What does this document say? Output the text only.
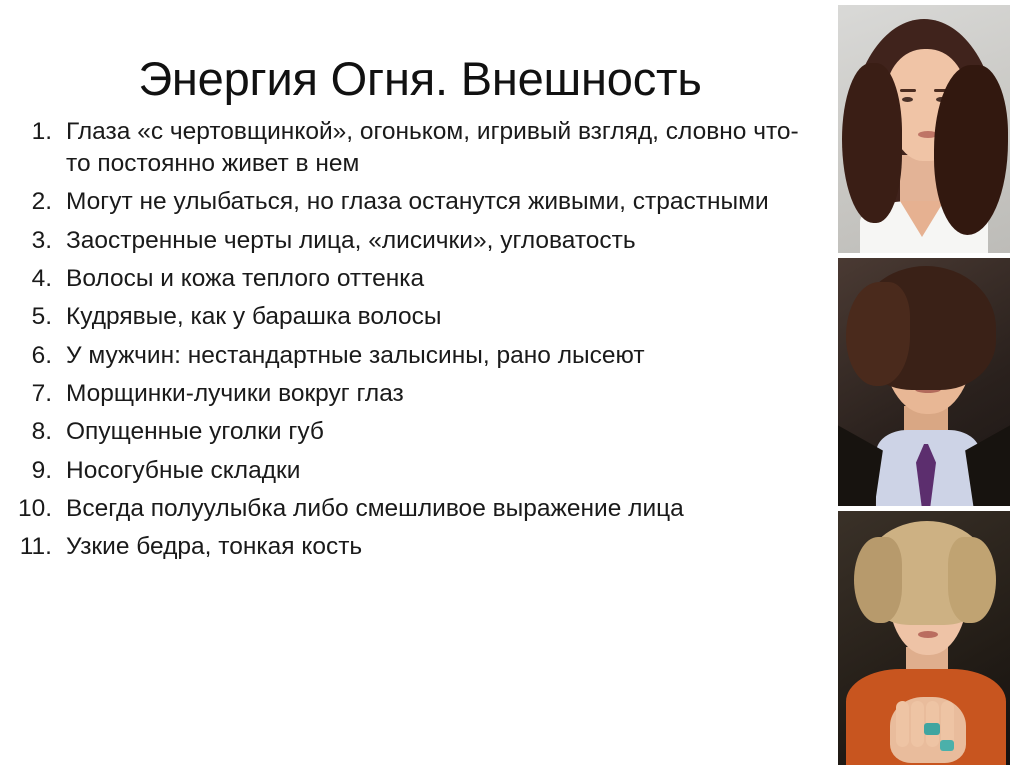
Энергия Огня. Внешность
1. Глаза «с чертовщинкой», огоньком, игривый взгляд, словно что-то постоянно живет в нем
2. Могут не улыбаться, но глаза останутся живыми, страстными
3. Заостренные черты лица, «лисички», угловатость
4. Волосы и кожа теплого оттенка
5. Кудрявые, как у барашка волосы
6. У мужчин: нестандартные залысины, рано лысеют
7. Морщинки-лучики вокруг глаз
8. Опущенные уголки губ
9. Носогубные складки
10. Всегда полуулыбка либо смешливое выражение лица
11. Узкие бедра, тонкая кость
